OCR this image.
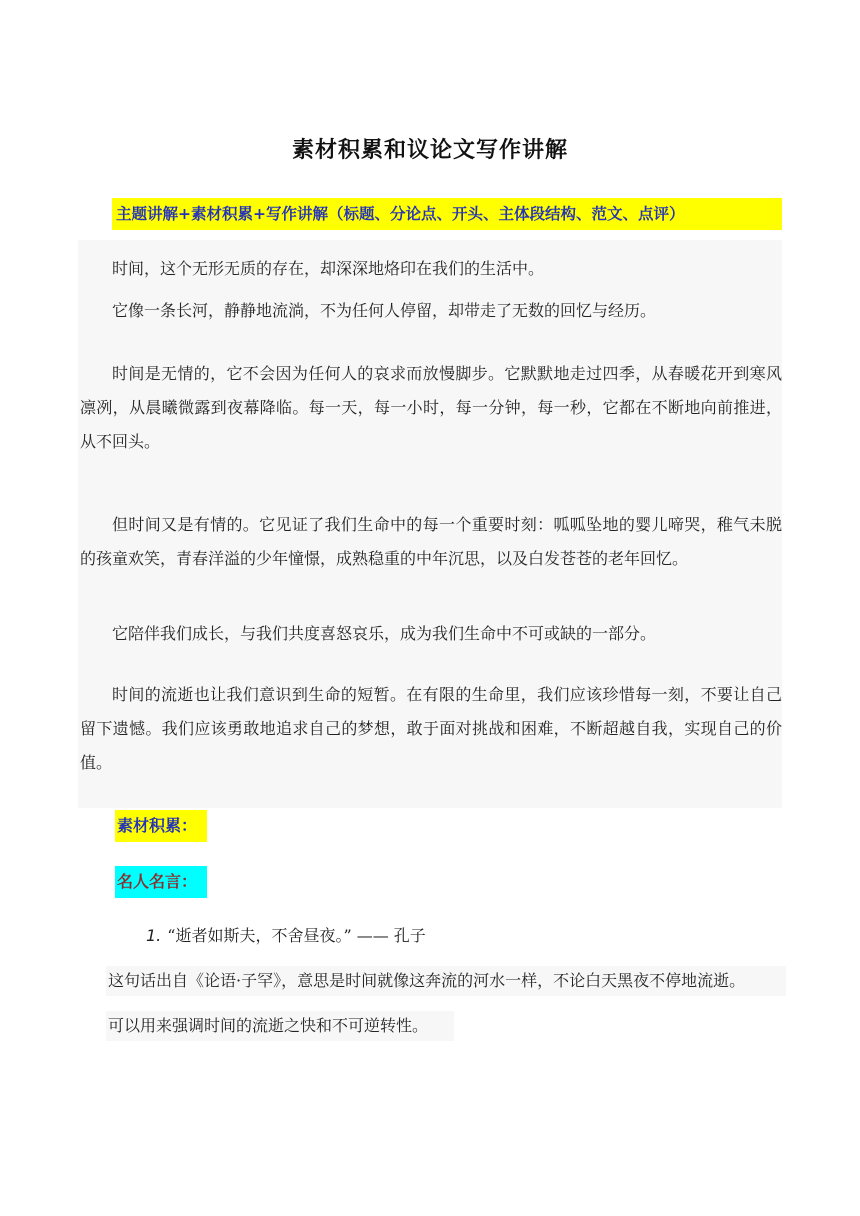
素材积累和议论文写作讲解
主题讲解+素材积累+写作讲解（标题、分论点、开头、主体段结构、范文、点评）

时间，这个无形无质的存在，却深深地烙印在我们的生活中。

它像一条长河，静静地流淌，不为任何人停留，却带走了无数的回忆与经历。

时间是无情的，它不会因为任何人的哀求而放慢脚步。它默默地走过四季，从春暖花开到寒风凛冽，从晨曦微露到夜幕降临。每一天，每一小时，每一分钟，每一秒，它都在不断地向前推进，从不回头。

但时间又是有情的。它见证了我们生命中的每一个重要时刻：呱呱坠地的婴儿啼哭，稚气未脱的孩童欢笑，青春洋溢的少年憧憬，成熟稳重的中年沉思，以及白发苍苍的老年回忆。

它陪伴我们成长，与我们共度喜怒哀乐，成为我们生命中不可或缺的一部分。

时间的流逝也让我们意识到生命的短暂。在有限的生命里，我们应该珍惜每一刻，不要让自己留下遗憾。我们应该勇敢地追求自己的梦想，敢于面对挑战和困难，不断超越自我，实现自己的价值。

素材积累：
名人名言：
1. “逝者如斯夫，不舍昼夜。” —— 孔子
这句话出自《论语·子罕》，意思是时间就像这奔流的河水一样，不论白天黑夜不停地流逝。
可以用来强调时间的流逝之快和不可逆转性。
